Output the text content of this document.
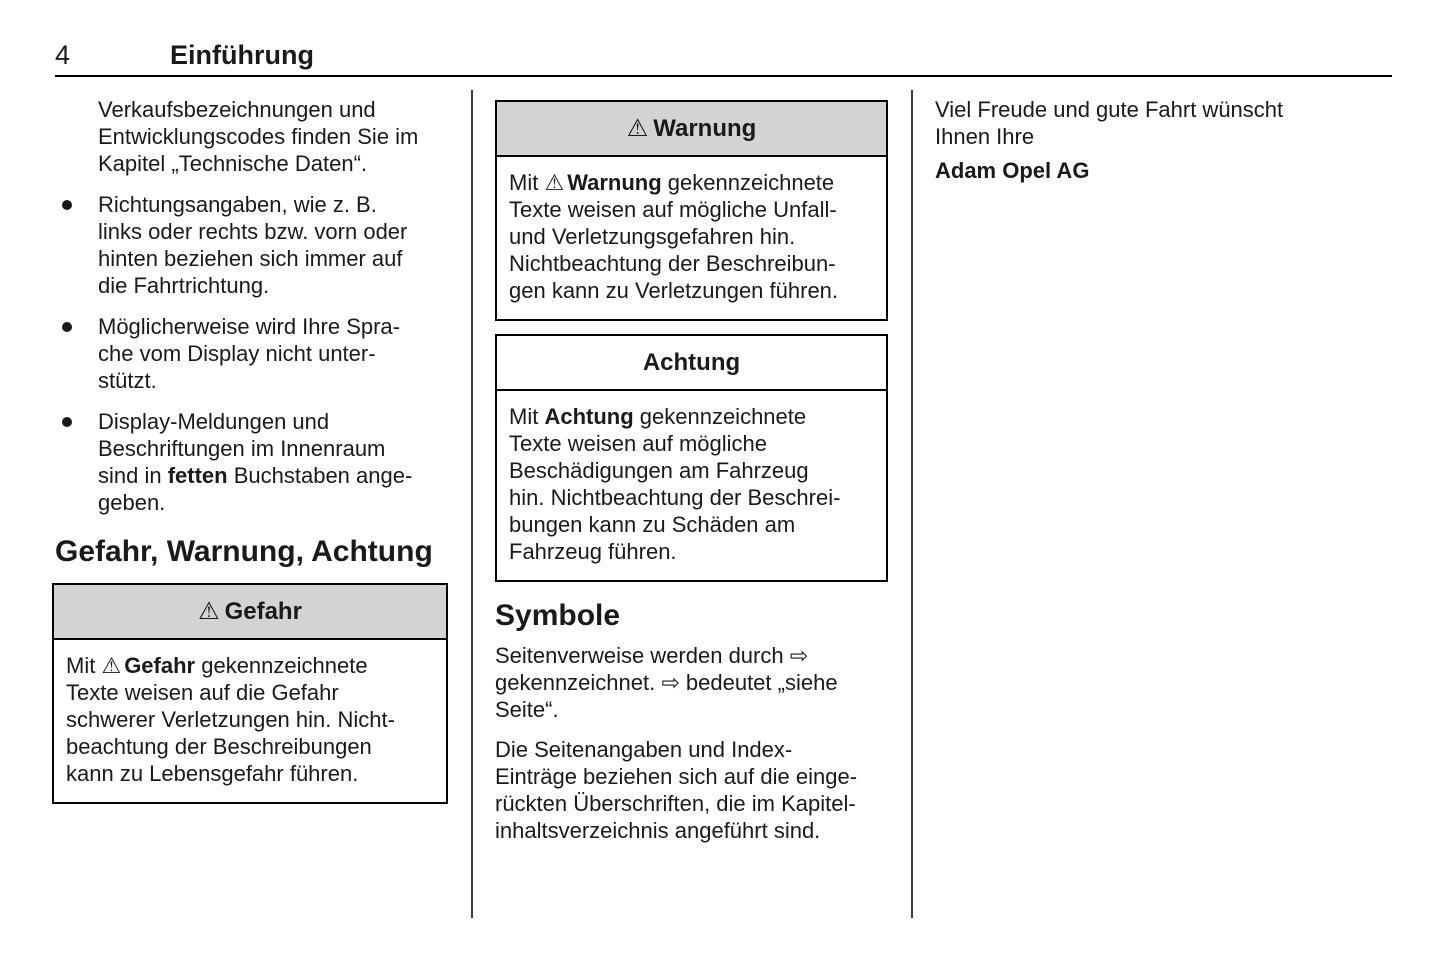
4	Einführung
Verkaufsbezeichnungen und
Entwicklungscodes finden Sie im
Kapitel „Technische Daten“.
Richtungsangaben, wie z. B.
links oder rechts bzw. vorn oder
hinten beziehen sich immer auf
die Fahrtrichtung.
Möglicherweise wird Ihre Spra-
che vom Display nicht unter-
stützt.
Display-Meldungen und
Beschriftungen im Innenraum
sind in fetten Buchstaben ange-
geben.
Gefahr, Warnung, Achtung
⚠ Gefahr
Mit ⚠ Gefahr gekennzeichnete
Texte weisen auf die Gefahr
schwerer Verletzungen hin. Nicht-
beachtung der Beschreibungen
kann zu Lebensgefahr führen.
⚠ Warnung
Mit ⚠ Warnung gekennzeichnete
Texte weisen auf mögliche Unfall-
und Verletzungsgefahren hin.
Nichtbeachtung der Beschreibun-
gen kann zu Verletzungen führen.
Achtung
Mit Achtung gekennzeichnete
Texte weisen auf mögliche
Beschädigungen am Fahrzeug
hin. Nichtbeachtung der Beschrei-
bungen kann zu Schäden am
Fahrzeug führen.
Symbole
Seitenverweise werden durch ⇨
gekennzeichnet. ⇨ bedeutet „siehe
Seite“.
Die Seitenangaben und Index-
Einträge beziehen sich auf die einge-
rückten Überschriften, die im Kapitel-
inhaltsverzeichnis angeführt sind.
Viel Freude und gute Fahrt wünscht
Ihnen Ihre
Adam Opel AG
